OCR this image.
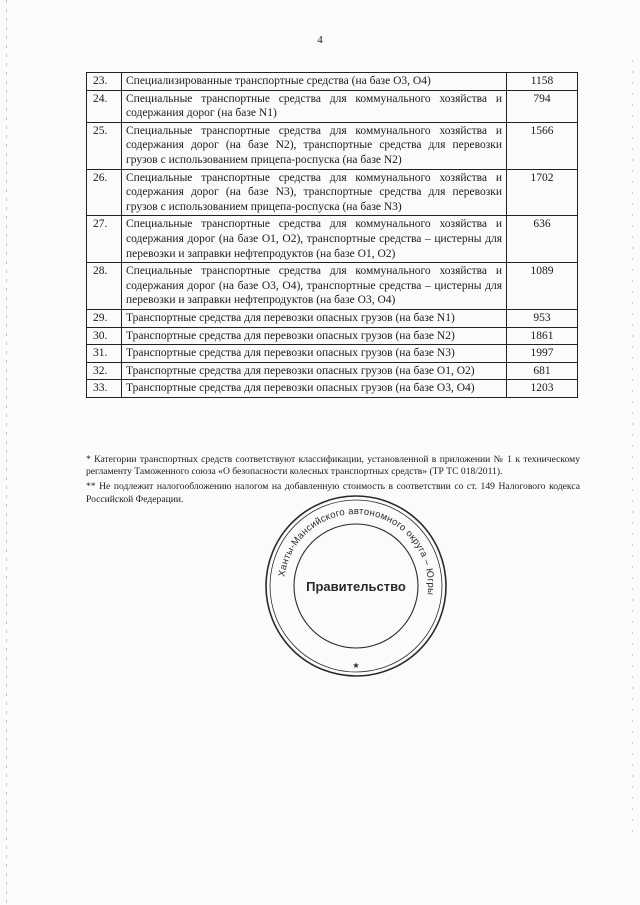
4
23.	Специализированные транспортные средства (на базе O3, O4)	1158
24.	Специальные транспортные средства для коммунального хозяйства и содержания дорог (на базе N1)	794
25.	Специальные транспортные средства для коммунального хозяйства и содержания дорог (на базе N2), транспортные средства для перевозки грузов с использованием прицепа-роспуска (на базе N2)	1566
26.	Специальные транспортные средства для коммунального хозяйства и содержания дорог (на базе N3), транспортные средства для перевозки грузов с использованием прицепа-роспуска (на базе N3)	1702
27.	Специальные транспортные средства для коммунального хозяйства и содержания дорог (на базе O1, O2), транспортные средства – цистерны для перевозки и заправки нефтепродуктов (на базе O1, O2)	636
28.	Специальные транспортные средства для коммунального хозяйства и содержания дорог (на базе O3, O4), транспортные средства – цистерны для перевозки и заправки нефтепродуктов (на базе O3, O4)	1089
29.	Транспортные средства для перевозки опасных грузов (на базе N1)	953
30.	Транспортные средства для перевозки опасных грузов (на базе N2)	1861
31.	Транспортные средства для перевозки опасных грузов (на базе N3)	1997
32.	Транспортные средства для перевозки опасных грузов (на базе O1, O2)	681
33.	Транспортные средства для перевозки опасных грузов (на базе O3, O4)	1203

* Категории транспортных средств соответствуют классификации, установленной в приложении № 1 к техническому регламенту Таможенного союза «О безопасности колесных транспортных средств» (ТР ТС 018/2011).

** Не подлежит налогообложению налогом на добавленную стоимость в соответствии со ст. 149 Налогового кодекса Российской Федерации.

Ханты-Мансийского автономного округа – Югры
Правительство
★
